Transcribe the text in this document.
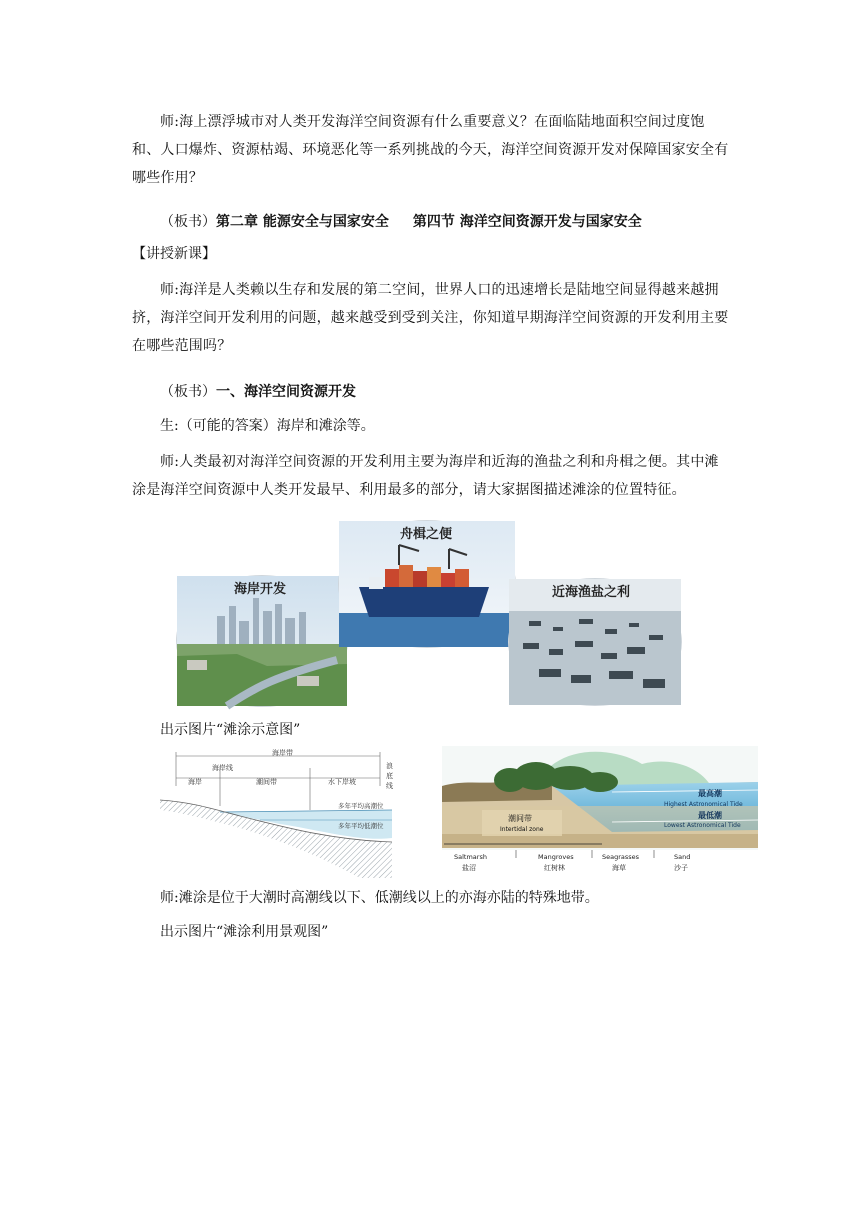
师:海上漂浮城市对人类开发海洋空间资源有什么重要意义？在面临陆地面积空间过度饱和、人口爆炸、资源枯竭、环境恶化等一系列挑战的今天，海洋空间资源开发对保障国家安全有哪些作用？
（板书）第二章 能源安全与国家安全 第四节 海洋空间资源开发与国家安全
【讲授新课】
师:海洋是人类赖以生存和发展的第二空间，世界人口的迅速增长是陆地空间显得越来越拥挤，海洋空间开发利用的问题，越来越受到受到关注，你知道早期海洋空间资源的开发利用主要在哪些范围吗？
（板书）一、海洋空间资源开发
生:（可能的答案）海岸和滩涂等。
师:人类最初对海洋空间资源的开发利用主要为海岸和近海的渔盐之利和舟楫之便。其中滩涂是海洋空间资源中人类开发最早、利用最多的部分，请大家据图描述滩涂的位置特征。
海岸开发
舟楫之便
近海渔盐之利
出示图片“滩涂示意图”
海岸带
海岸线
海岸	潮间带	水下岸坡
浪
底
线
多年平均高潮位
多年平均低潮位
最高潮
Highest Astronomical Tide
最低潮
Lowest Astronomical Tide
潮间带
Intertidal zone
Saltmarsh
盐沼
Mangroves
红树林
Seagrasses
海草
Sand
沙子
师:滩涂是位于大潮时高潮线以下、低潮线以上的亦海亦陆的特殊地带。
出示图片“滩涂利用景观图”
